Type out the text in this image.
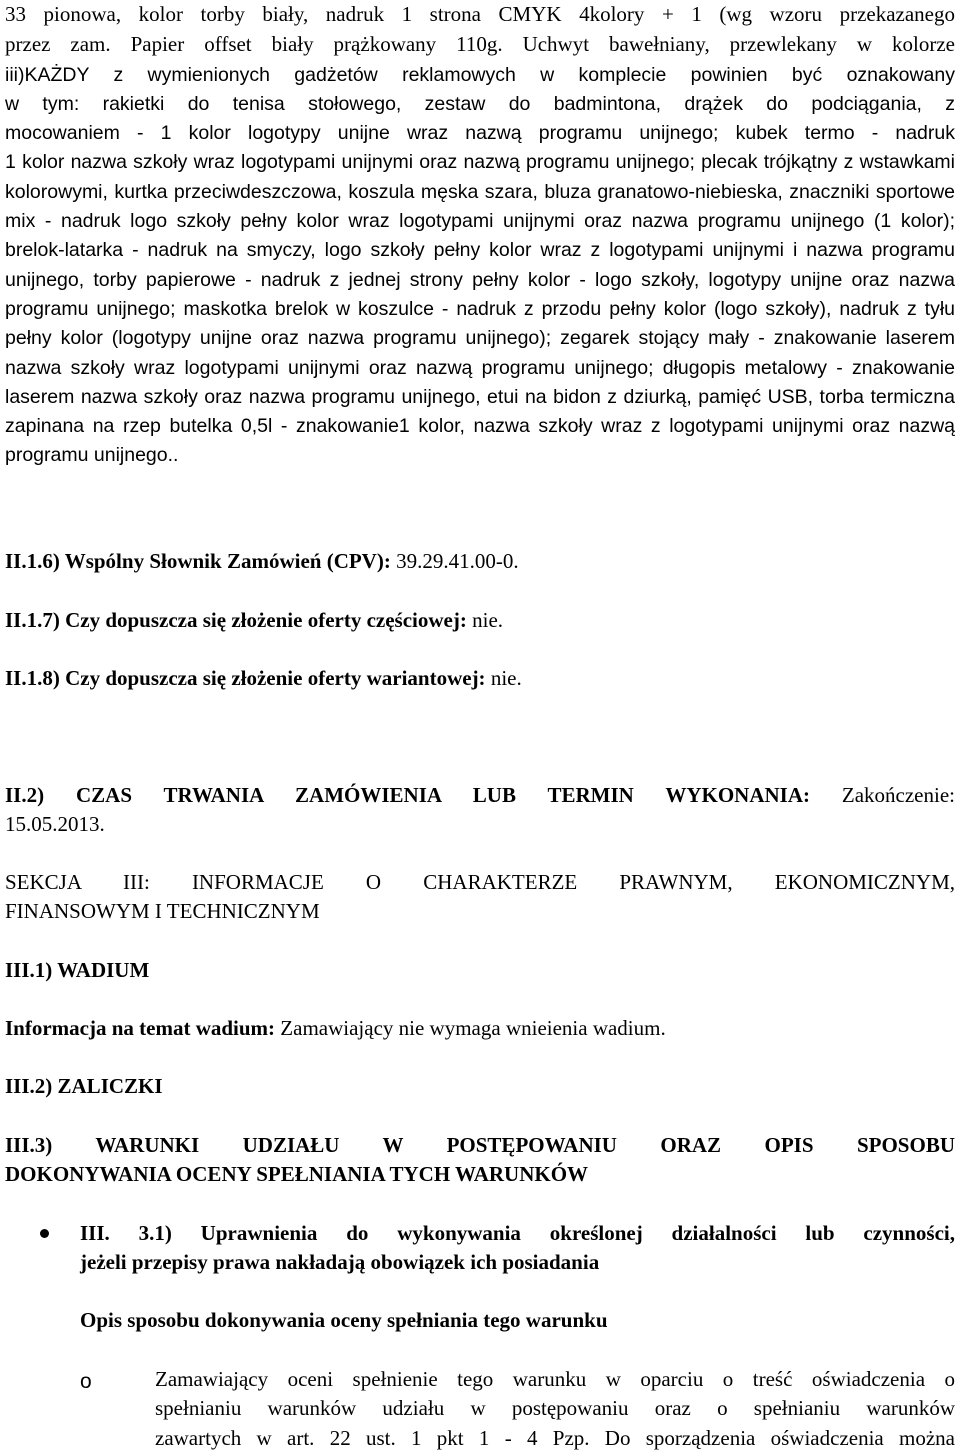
33 pionowa, kolor torby biały, nadruk 1 strona CMYK 4kolory + 1 (wg wzoru przekazanego

przez zam. Papier offset biały prążkowany 110g. Uchwyt bawełniany, przewlekany w kolorze

iii)KAŻDY z wymienionych gadżetów reklamowych w komplecie powinien być oznakowany

w tym: rakietki do tenisa stołowego, zestaw do badmintona, drążek do podciągania, z

mocowaniem - 1 kolor logotypy unijne wraz nazwą programu unijnego; kubek termo - nadruk

1 kolor nazwa szkoły wraz logotypami unijnymi oraz nazwą programu unijnego; plecak trójkątny z wstawkami kolorowymi, kurtka przeciwdeszczowa, koszula męska szara, bluza granatowo-niebieska, znaczniki sportowe mix - nadruk logo szkoły pełny kolor wraz logotypami unijnymi oraz nazwa programu unijnego (1 kolor); brelok-latarka - nadruk na smyczy, logo szkoły pełny kolor wraz z logotypami unijnymi i nazwa programu unijnego, torby papierowe - nadruk z jednej strony pełny kolor - logo szkoły, logotypy unijne oraz nazwa programu unijnego; maskotka brelok w koszulce - nadruk z przodu pełny kolor (logo szkoły), nadruk z tyłu pełny kolor (logotypy unijne oraz nazwa programu unijnego); zegarek stojący mały - znakowanie laserem nazwa szkoły wraz logotypami unijnymi oraz nazwą programu unijnego; długopis metalowy - znakowanie laserem nazwa szkoły oraz nazwa programu unijnego, etui na bidon z dziurką, pamięć USB, torba termiczna zapinana na rzep butelka 0,5l - znakowanie1 kolor, nazwa szkoły wraz z logotypami unijnymi oraz nazwą programu unijnego..

II.1.6) Wspólny Słownik Zamówień (CPV): 39.29.41.00-0.

II.1.7) Czy dopuszcza się złożenie oferty częściowej: nie.

II.1.8) Czy dopuszcza się złożenie oferty wariantowej: nie.

II.2) CZAS TRWANIA ZAMÓWIENIA LUB TERMIN WYKONANIA: Zakończenie:

15.05.2013.

SEKCJA III: INFORMACJE O CHARAKTERZE PRAWNYM, EKONOMICZNYM,

FINANSOWYM I TECHNICZNYM

III.1) WADIUM

Informacja na temat wadium: Zamawiający nie wymaga wnieienia wadium.

III.2) ZALICZKI

III.3) WARUNKI UDZIAŁU W POSTĘPOWANIU ORAZ OPIS SPOSOBU

DOKONYWANIA OCENY SPEŁNIANIA TYCH WARUNKÓW

III. 3.1) Uprawnienia do wykonywania określonej działalności lub czynności,

jeżeli przepisy prawa nakładają obowiązek ich posiadania

Opis sposobu dokonywania oceny spełniania tego warunku

o	Zamawiający oceni spełnienie tego warunku w oparciu o treść oświadczenia o

spełnianiu warunków udziału w postępowaniu oraz o spełnianiu warunków

zawartych w art. 22 ust. 1 pkt 1 - 4 Pzp. Do sporządzenia oświadczenia można
